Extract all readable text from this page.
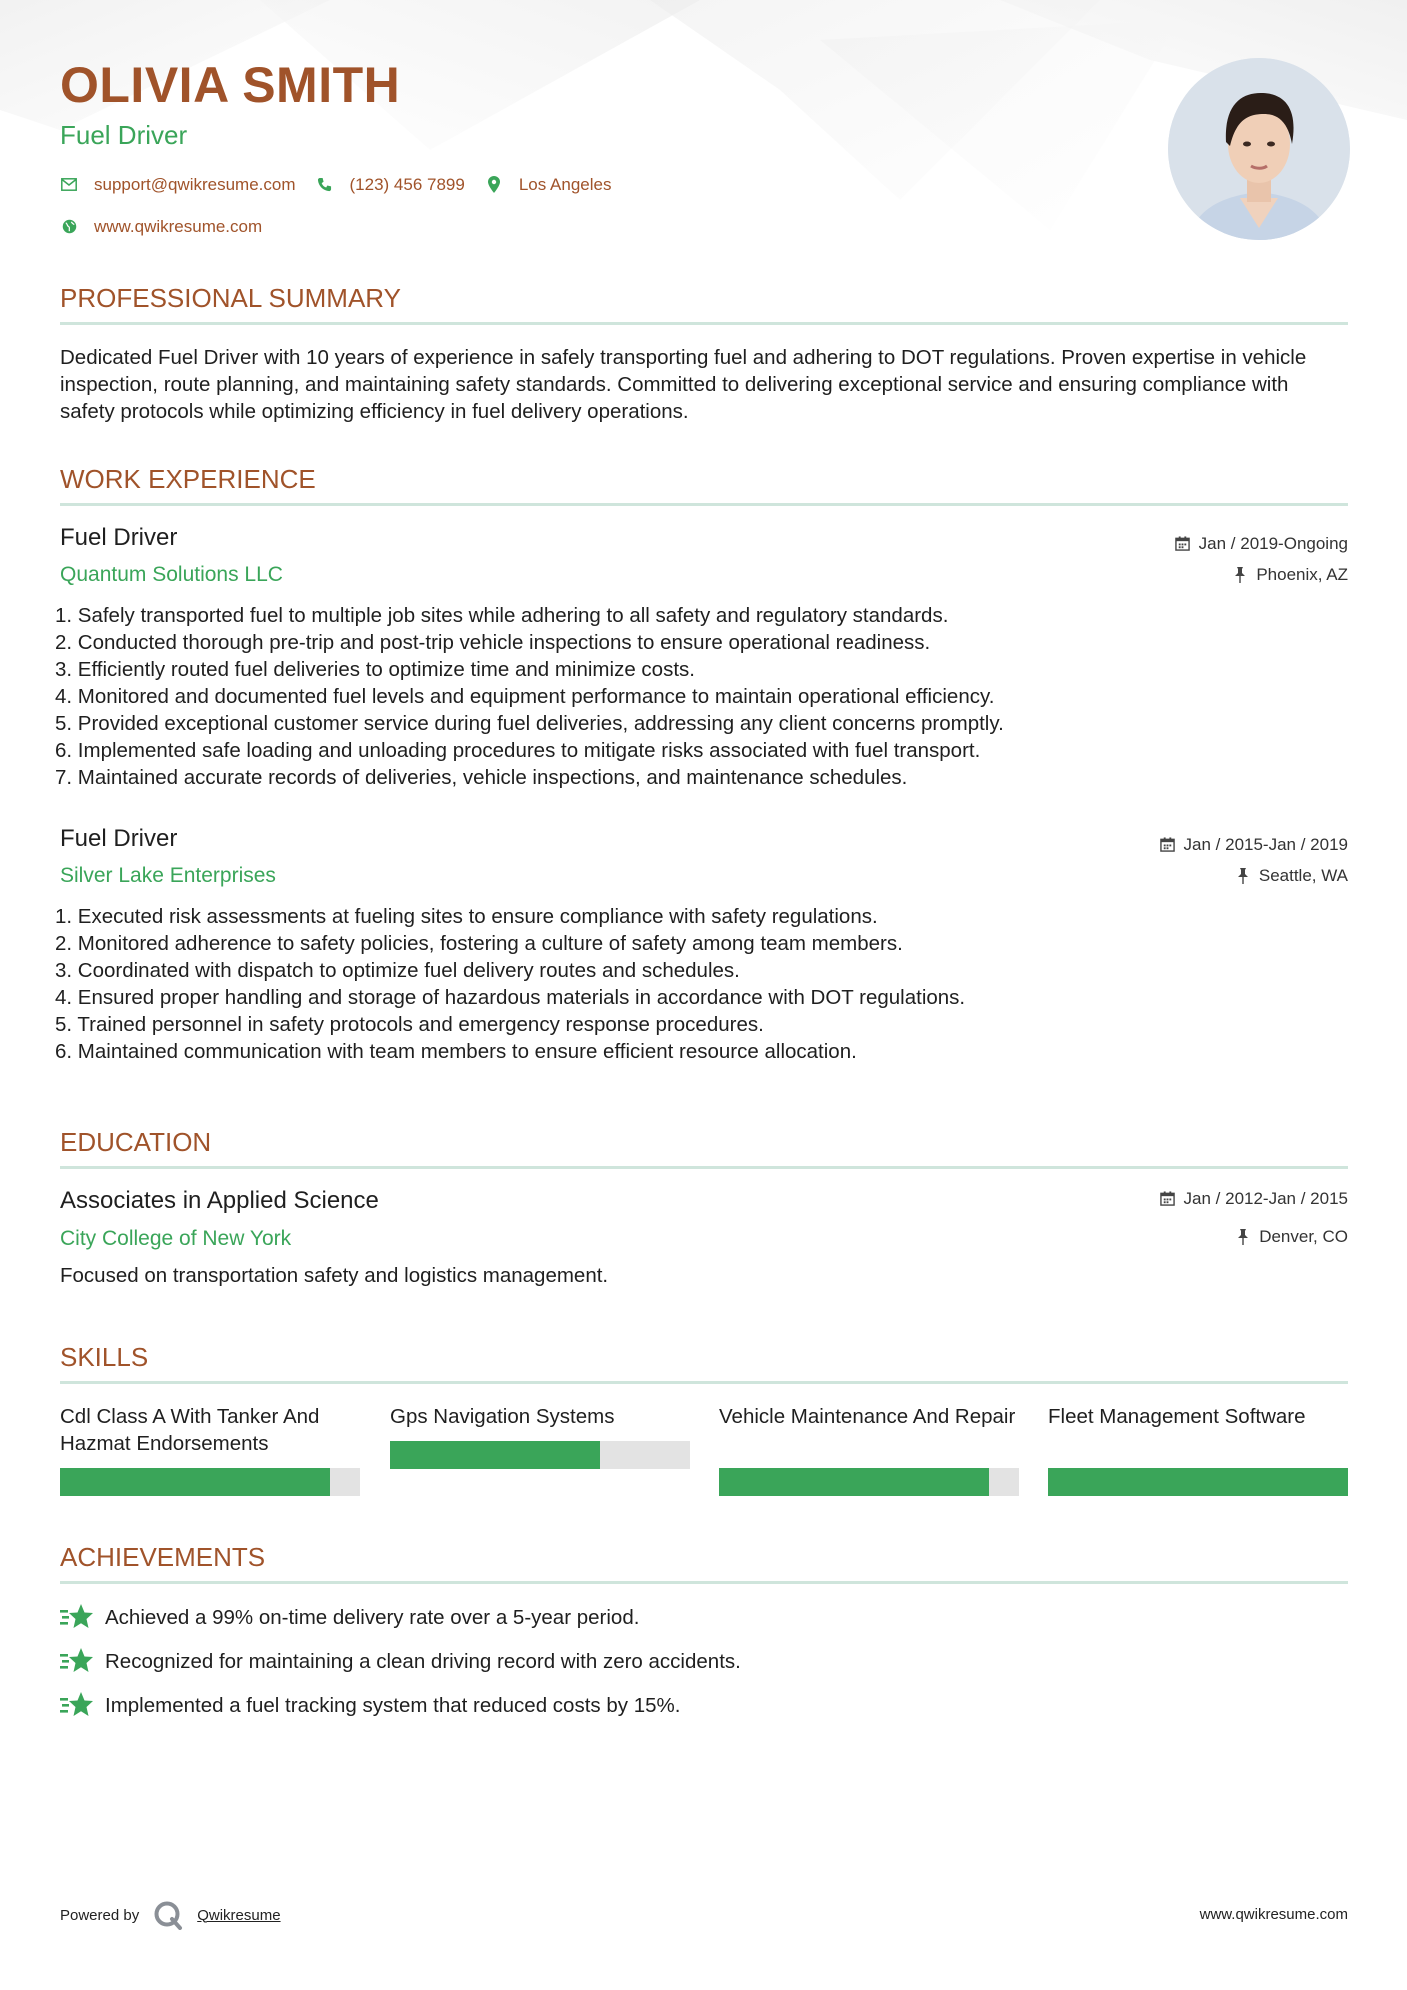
OLIVIA SMITH
Fuel Driver
support@qwikresume.com	(123) 456 7899	Los Angeles
www.qwikresume.com
PROFESSIONAL SUMMARY

Dedicated Fuel Driver with 10 years of experience in safely transporting fuel and adhering to DOT regulations. Proven expertise in vehicle inspection, route planning, and maintaining safety standards. Committed to delivering exceptional service and ensuring compliance with safety protocols while optimizing efficiency in fuel delivery operations.

WORK EXPERIENCE
Fuel Driver
Quantum Solutions LLC
Jan / 2019-Ongoing
Phoenix, AZ
1. Safely transported fuel to multiple job sites while adhering to all safety and regulatory standards.
2. Conducted thorough pre-trip and post-trip vehicle inspections to ensure operational readiness.
3. Efficiently routed fuel deliveries to optimize time and minimize costs.
4. Monitored and documented fuel levels and equipment performance to maintain operational efficiency.
5. Provided exceptional customer service during fuel deliveries, addressing any client concerns promptly.
6. Implemented safe loading and unloading procedures to mitigate risks associated with fuel transport.
7. Maintained accurate records of deliveries, vehicle inspections, and maintenance schedules.
Fuel Driver
Silver Lake Enterprises
Jan / 2015-Jan / 2019
Seattle, WA
1. Executed risk assessments at fueling sites to ensure compliance with safety regulations.
2. Monitored adherence to safety policies, fostering a culture of safety among team members.
3. Coordinated with dispatch to optimize fuel delivery routes and schedules.
4. Ensured proper handling and storage of hazardous materials in accordance with DOT regulations.
5. Trained personnel in safety protocols and emergency response procedures.
6. Maintained communication with team members to ensure efficient resource allocation.
EDUCATION
Associates in Applied Science
City College of New York
Jan / 2012-Jan / 2015
Denver, CO
Focused on transportation safety and logistics management.
SKILLS
Cdl Class A With Tanker And Hazmat Endorsements
Gps Navigation Systems	Vehicle Maintenance And Repair Fleet Management Software
ACHIEVEMENTS
Achieved a 99% on-time delivery rate over a 5-year period.
Recognized for maintaining a clean driving record with zero accidents.
Implemented a fuel tracking system that reduced costs by 15%.
Powered by	Qwikresume	www.qwikresume.com
